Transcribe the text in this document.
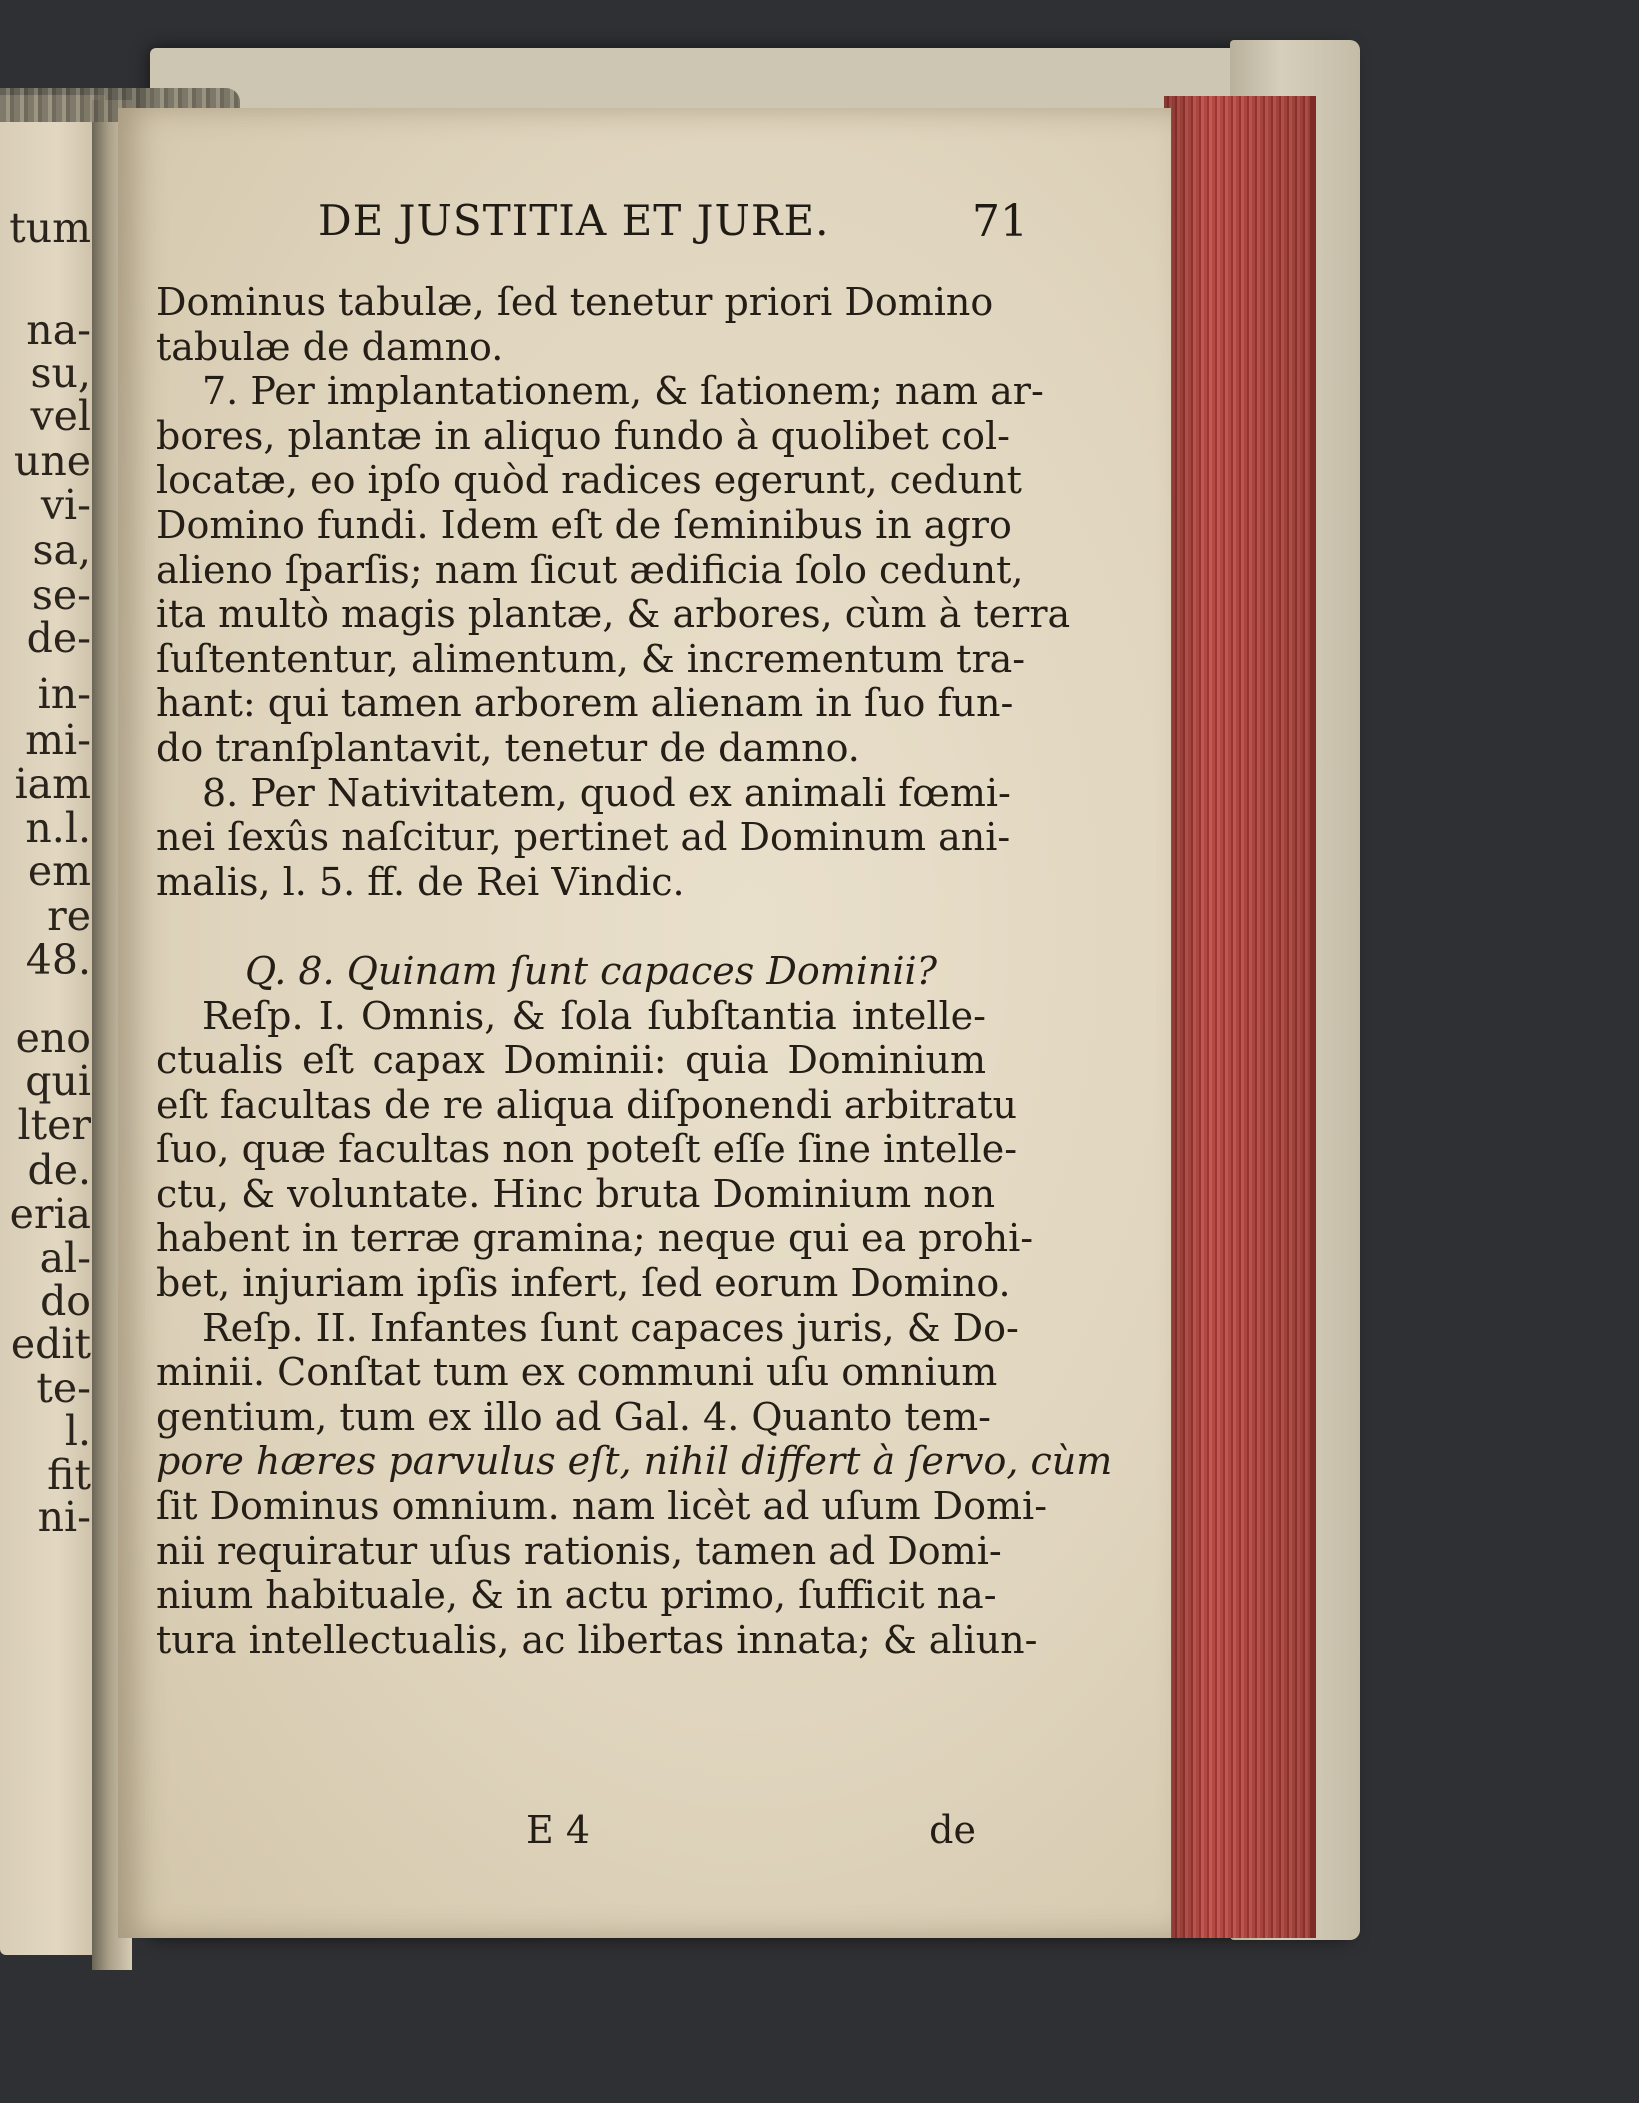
tum
na-
su,
vel
une
vi-
sa,
se-
de-
in-
mi-
iam
n.l.
em
re
48.
eno
qui
lter
de.
eria
al-
do
edit
te-
l.
fit
ni-
DE JUSTITIA ET JURE.	71
Dominus tabulæ, ſed tenetur priori Domino
tabulæ de damno.
7. Per implantationem, & ſationem; nam ar-
bores, plantæ in aliquo fundo à quolibet col-
locatæ, eo ipſo quòd radices egerunt, cedunt
Domino fundi. Idem eſt de ſeminibus in agro
alieno ſparſis; nam ſicut ædificia ſolo cedunt,
ita multò magis plantæ, & arbores, cùm à terra
ſuſtententur, alimentum, & incrementum tra-
hant: qui tamen arborem alienam in ſuo fun-
do tranſplantavit, tenetur de damno.
8. Per Nativitatem, quod ex animali fœmi-
nei ſexûs naſcitur, pertinet ad Dominum ani-
malis, l. 5. ff. de Rei Vindic.
Q. 8. Quinam ſunt capaces Dominii?
Reſp. I. Omnis, & ſola ſubſtantia intelle-
ctualis eſt capax Dominii: quia Dominium
eſt facultas de re aliqua diſponendi arbitratu
ſuo, quæ facultas non poteſt eſſe ſine intelle-
ctu, & voluntate. Hinc bruta Dominium non
habent in terræ gramina; neque qui ea prohi-
bet, injuriam ipſis infert, ſed eorum Domino.
Reſp. II. Infantes ſunt capaces juris, & Do-
minii. Conſtat tum ex communi uſu omnium
gentium, tum ex illo ad Gal. 4. Quanto tem-
pore hæres parvulus eſt, nihil differt à ſervo, cùm
ſit Dominus omnium. nam licèt ad uſum Domi-
nii requiratur uſus rationis, tamen ad Domi-
nium habituale, & in actu primo, ſufficit na-
tura intellectualis, ac libertas innata; & aliun-
E 4	de
